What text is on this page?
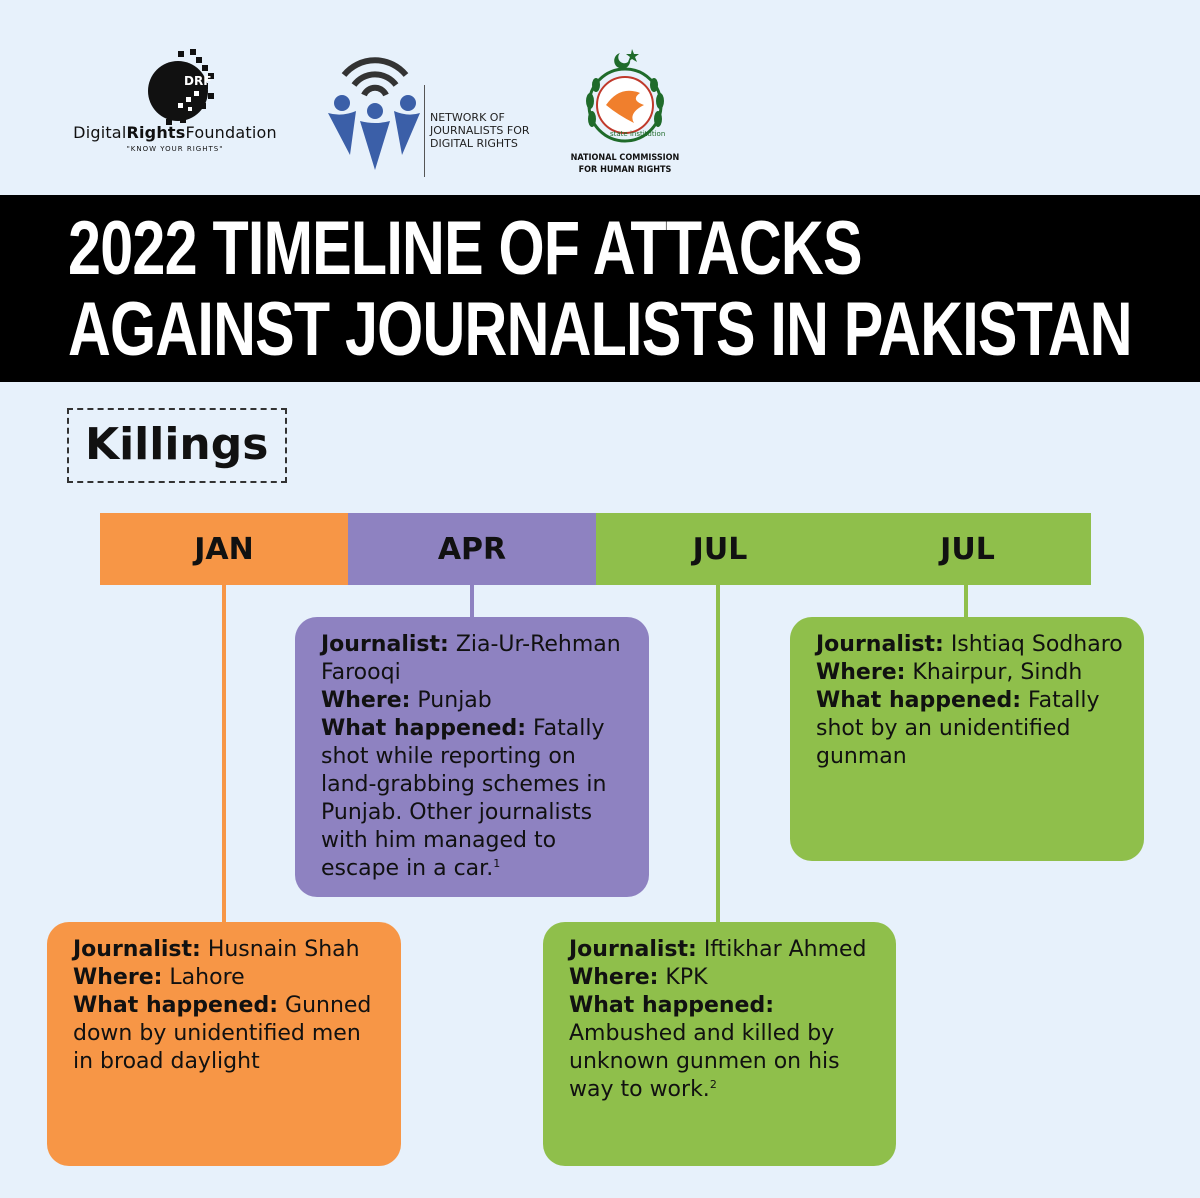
DRF
DigitalRightsFoundation
"KNOW YOUR RIGHTS"
NETWORK OF
JOURNALISTS FOR
DIGITAL RIGHTS
state institution
NATIONAL COMMISSION
FOR HUMAN RIGHTS
2022 TIMELINE OF ATTACKS
AGAINST JOURNALISTS IN PAKISTAN
Killings
JAN	APR	JUL	JUL

Journalist: Zia-Ur-Rehman Farooqi

Where: Punjab

What happened: Fatally shot while reporting on land-grabbing schemes in Punjab. Other journalists with him managed to escape in a car.$^1$

Journalist: Ishtiaq Sodharo

Where: Khairpur, Sindh

What happened: Fatally shot by an unidentified gunman

Journalist: Husnain Shah

Where: Lahore

What happened: Gunned down by unidentified men in broad daylight

Journalist: Iftikhar Ahmed

Where: KPK

What happened:

Ambushed and killed by unknown gunmen on his way to work.$^2$
